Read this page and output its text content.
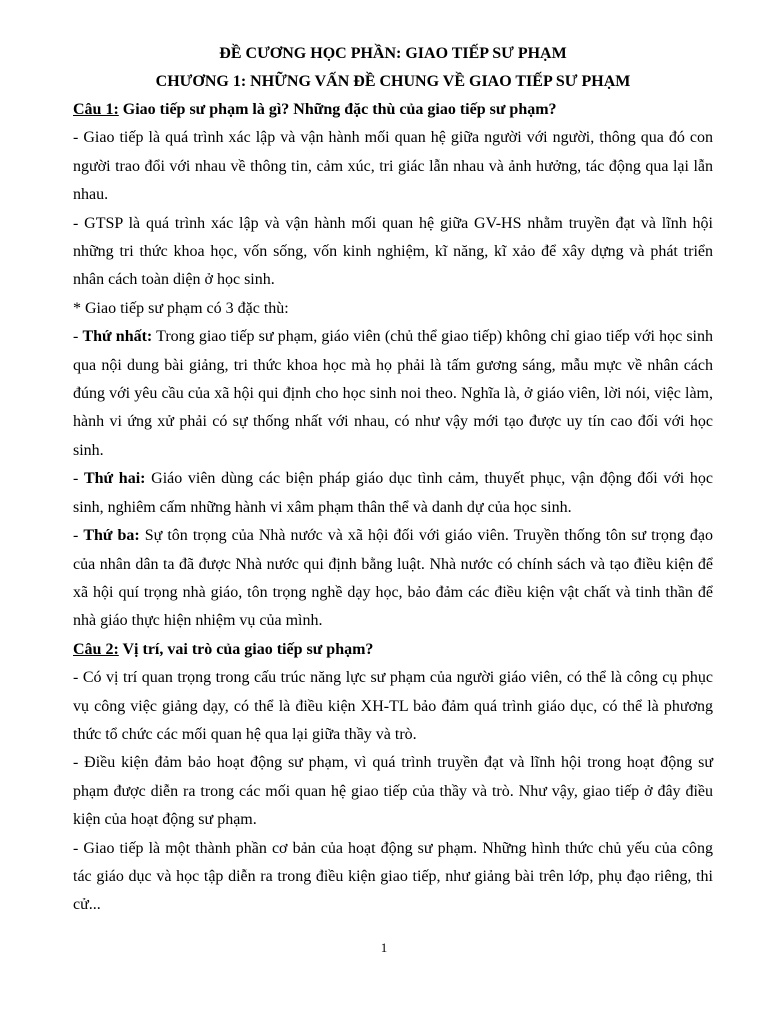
ĐỀ CƯƠNG HỌC PHẦN: GIAO TIẾP SƯ PHẠM
CHƯƠNG 1: NHỮNG VẤN ĐỀ CHUNG VỀ GIAO TIẾP SƯ PHẠM

Câu 1: Giao tiếp sư phạm là gì? Những đặc thù của giao tiếp sư phạm?

- Giao tiếp là quá trình xác lập và vận hành mối quan hệ giữa người với người, thông qua đó con người trao đổi với nhau về thông tin, cảm xúc, tri giác lẫn nhau và ảnh hưởng, tác động qua lại lẫn nhau.

- GTSP là quá trình xác lập và vận hành mối quan hệ giữa GV-HS nhằm truyền đạt và lĩnh hội những tri thức khoa học, vốn sống, vốn kinh nghiệm, kĩ năng, kĩ xảo để xây dựng và phát triển nhân cách toàn diện ở học sinh.

* Giao tiếp sư phạm có 3 đặc thù:

- Thứ nhất: Trong giao tiếp sư phạm, giáo viên (chủ thể giao tiếp) không chỉ giao tiếp với học sinh qua nội dung bài giảng, tri thức khoa học mà họ phải là tấm gương sáng, mẫu mực về nhân cách đúng với yêu cầu của xã hội qui định cho học sinh noi theo. Nghĩa là, ở giáo viên, lời nói, việc làm, hành vi ứng xử phải có sự thống nhất với nhau, có như vậy mới tạo được uy tín cao đối với học sinh.

- Thứ hai: Giáo viên dùng các biện pháp giáo dục tình cảm, thuyết phục, vận động đối với học sinh, nghiêm cấm những hành vi xâm phạm thân thể và danh dự của học sinh.

- Thứ ba: Sự tôn trọng của Nhà nước và xã hội đối với giáo viên. Truyền thống tôn sư trọng đạo của nhân dân ta đã được Nhà nước qui định bằng luật. Nhà nước có chính sách và tạo điều kiện để xã hội quí trọng nhà giáo, tôn trọng nghề dạy học, bảo đảm các điều kiện vật chất và tinh thần để nhà giáo thực hiện nhiệm vụ của mình.

Câu 2: Vị trí, vai trò của giao tiếp sư phạm?

- Có vị trí quan trọng trong cấu trúc năng lực sư phạm của người giáo viên, có thể là công cụ phục vụ công việc giảng dạy, có thể là điều kiện XH-TL bảo đảm quá trình giáo dục, có thể là phương thức tổ chức các mối quan hệ qua lại giữa thầy và trò.

- Điều kiện đảm bảo hoạt động sư phạm, vì quá trình truyền đạt và lĩnh hội trong hoạt động sư phạm được diễn ra trong các mối quan hệ giao tiếp của thầy và trò. Như vậy, giao tiếp ở đây điều kiện của hoạt động sư phạm.

- Giao tiếp là một thành phần cơ bản của hoạt động sư phạm. Những hình thức chủ yếu của công tác giáo dục và học tập diễn ra trong điều kiện giao tiếp, như giảng bài trên lớp, phụ đạo riêng, thi cử...

1
